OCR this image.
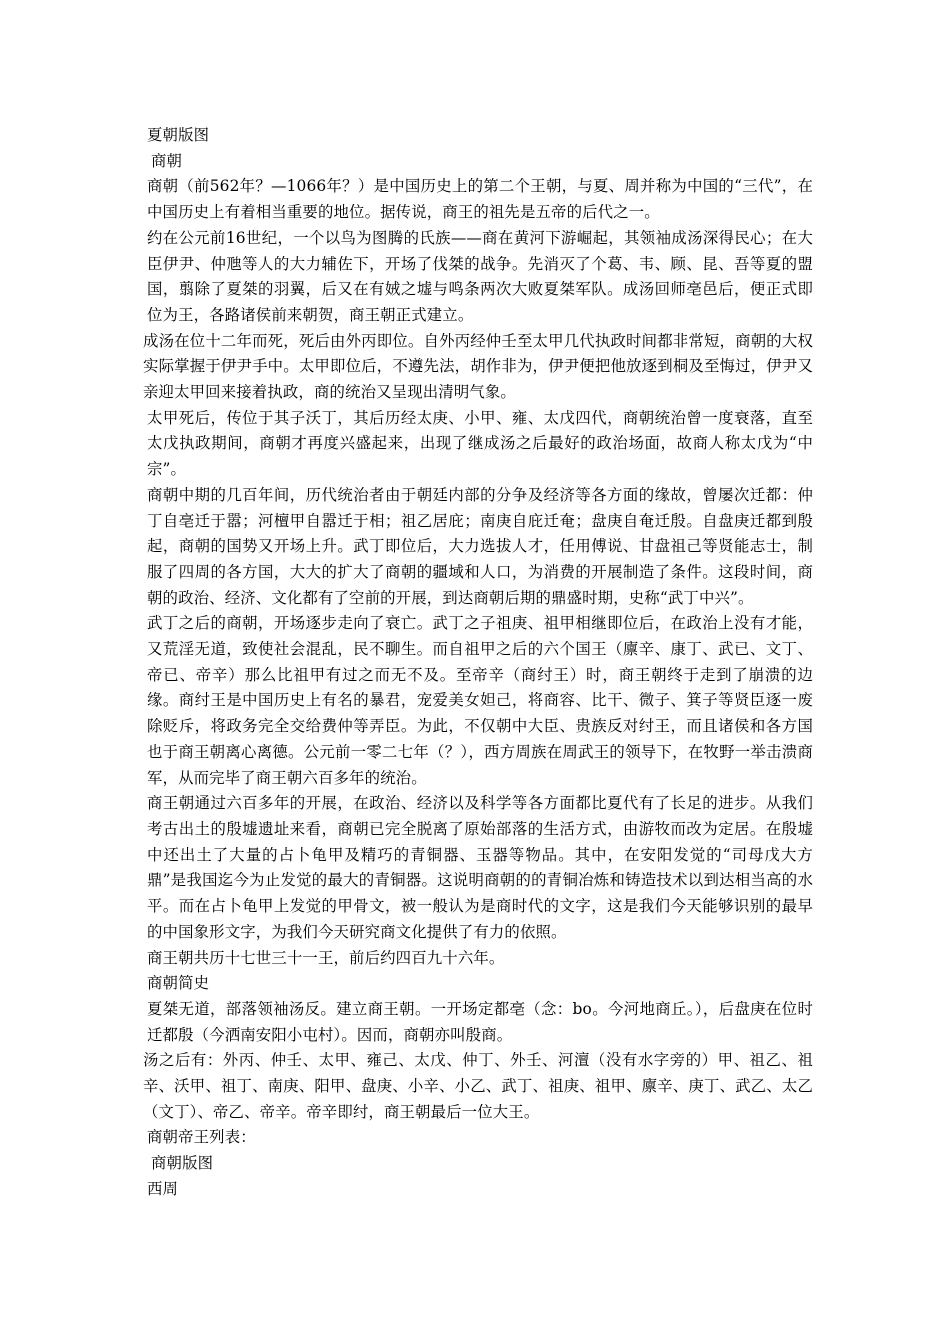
夏朝版图

商朝

商朝（前562年？—1066年？）是中国历史上的第二个王朝，与夏、周并称为中国的“三代”，在中国历史上有着相当重要的地位。据传说，商王的祖先是五帝的后代之一。

约在公元前16世纪，一个以鸟为图腾的氏族——商在黄河下游崛起，其领袖成汤深得民心；在大臣伊尹、仲虺等人的大力辅佐下，开场了伐桀的战争。先消灭了个葛、韦、顾、昆、吾等夏的盟国，翦除了夏桀的羽翼，后又在有娀之墟与鸣条两次大败夏桀军队。成汤回师亳邑后，便正式即位为王，各路诸侯前来朝贺，商王朝正式建立。

成汤在位十二年而死，死后由外丙即位。自外丙经仲壬至太甲几代执政时间都非常短，商朝的大权实际掌握于伊尹手中。太甲即位后，不遵先法，胡作非为，伊尹便把他放逐到桐及至悔过，伊尹又亲迎太甲回来接着执政，商的统治又呈现出清明气象。

太甲死后，传位于其子沃丁，其后历经太庚、小甲、雍、太戊四代，商朝统治曾一度衰落，直至太戊执政期间，商朝才再度兴盛起来，出现了继成汤之后最好的政治场面，故商人称太戊为“中宗”。

商朝中期的几百年间，历代统治者由于朝廷内部的分争及经济等各方面的缘故，曾屡次迁都：仲丁自亳迁于嚣；河檀甲自嚣迁于相；祖乙居庇；南庚自庇迁奄；盘庚自奄迁殷。自盘庚迁都到殷起，商朝的国势又开场上升。武丁即位后，大力选拔人才，任用傅说、甘盘祖己等贤能志士，制服了四周的各方国，大大的扩大了商朝的疆域和人口，为消费的开展制造了条件。这段时间，商朝的政治、经济、文化都有了空前的开展，到达商朝后期的鼎盛时期，史称“武丁中兴”。

武丁之后的商朝，开场逐步走向了衰亡。武丁之子祖庚、祖甲相继即位后，在政治上没有才能，又荒淫无道，致使社会混乱，民不聊生。而自祖甲之后的六个国王（廪辛、康丁、武已、文丁、帝已、帝辛）那么比祖甲有过之而无不及。至帝辛（商纣王）时，商王朝终于走到了崩溃的边缘。商纣王是中国历史上有名的暴君，宠爱美女妲己，将商容、比干、微子、箕子等贤臣逐一废除贬斥，将政务完全交给费仲等弄臣。为此，不仅朝中大臣、贵族反对纣王，而且诸侯和各方国也于商王朝离心离德。公元前一零二七年（？），西方周族在周武王的领导下，在牧野一举击溃商军，从而完毕了商王朝六百多年的统治。

商王朝通过六百多年的开展，在政治、经济以及科学等各方面都比夏代有了长足的进步。从我们考古出土的殷墟遗址来看，商朝已完全脱离了原始部落的生活方式，由游牧而改为定居。在殷墟中还出土了大量的占卜龟甲及精巧的青铜器、玉器等物品。其中，在安阳发觉的“司母戊大方鼎”是我国迄今为止发觉的最大的青铜器。这说明商朝的的青铜冶炼和铸造技术以到达相当高的水平。而在占卜龟甲上发觉的甲骨文，被一般认为是商时代的文字，这是我们今天能够识别的最早的中国象形文字，为我们今天研究商文化提供了有力的依照。

商王朝共历十七世三十一王，前后约四百九十六年。

商朝简史

夏桀无道，部落领袖汤反。建立商王朝。一开场定都亳（念：bo。今河地商丘。），后盘庚在位时迁都殷（今洒南安阳小屯村）。因而，商朝亦叫殷商。

汤之后有：外丙、仲壬、太甲、雍己、太戊、仲丁、外壬、河澶（没有水字旁的）甲、祖乙、祖辛、沃甲、祖丁、南庚、阳甲、盘庚、小辛、小乙、武丁、祖庚、祖甲、廪辛、庚丁、武乙、太乙（文丁）、帝乙、帝辛。帝辛即纣，商王朝最后一位大王。

商朝帝王列表：

商朝版图

西周
